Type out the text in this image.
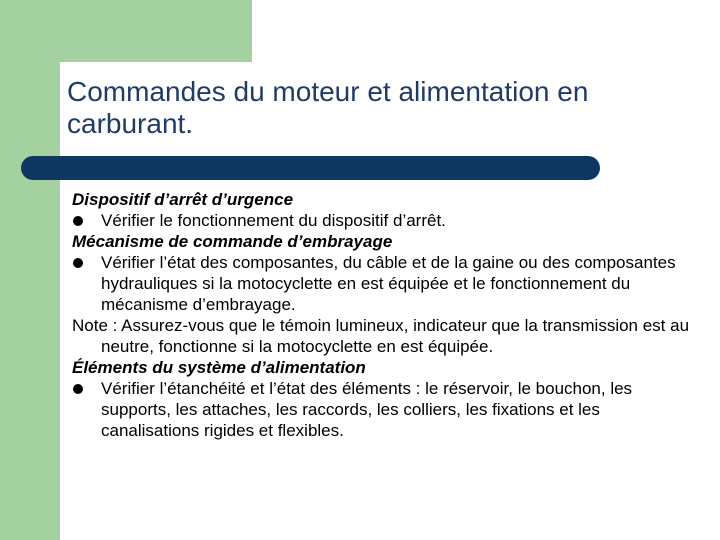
Commandes du moteur et alimentation en carburant.
Dispositif d’arrêt d’urgence
Vérifier le fonctionnement du dispositif d’arrêt.
Mécanisme de commande d’embrayage
Vérifier l’état des composantes, du câble et de la gaine ou des composantes hydrauliques si la motocyclette en est équipée et le fonctionnement du mécanisme d’embrayage.
Note : Assurez-vous que le témoin lumineux, indicateur que la transmission est au neutre, fonctionne si la motocyclette en est équipée.
Éléments du système d’alimentation
Vérifier l’étanchéité et l’état des éléments : le réservoir, le bouchon, les supports, les attaches, les raccords, les colliers, les fixations et les canalisations rigides et flexibles.
